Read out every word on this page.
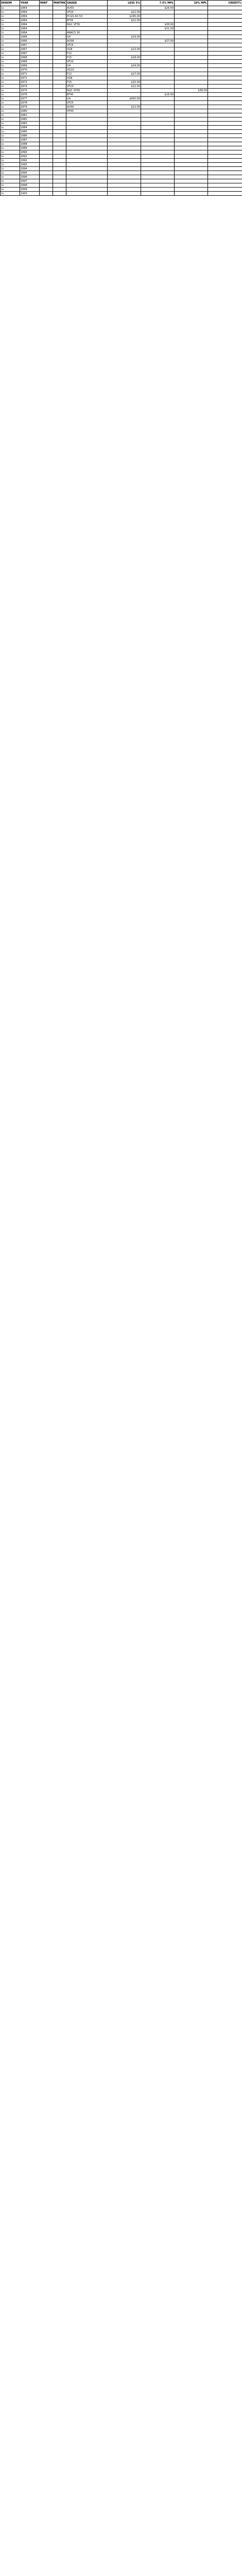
DENOM	YEAR	MINT	MINTMK	GRADE	LESS 5%	7.5% MPL	10% MPL	CREDIT%
1c	1864			AU55		$28.00		
1c	1864			VF20	$22.00			
1c	1864			PCGS AU 53	$195.00			
1c	1864			EF45	$22.00			
1c	1864			NGC VF35		$38.00		
1c	1864					$31.00		
1c	1864			ANACS 30				
1c	1866			G4	$14.00			
1c	1866			AU58		$37.00		
1c	1867			VF25				
1c	1867			VG8	$13.00			
1c	1867			F12				
1c	1868			F15	$18.00			
1c	1868			VF20				
1c	1869			G4	$24.00			
1c	1870			VG10				
1c	1871			F12	$17.00			
1c	1872			VG8				
1c	1873			F15	$15.00			
1c	1874			VF20	$12.00			
1c	1875			NGC XF45			$38.00	
1c	1876			EF40		$18.00		
1c	1877			G4	$450.00			
1c	1878			VF25				
1c	1879			AU50	$12.00			
1c	1880			XF40				
1c	1881							
1c	1882							
1c	1883							
1c	1884							
1c	1885							
1c	1886							
1c	1887							
1c	1888							
1c	1889							
1c	1890							
1c	1891							
1c	1892							
1c	1893							
1c	1894							
1c	1895							
1c	1896							
1c	1897							
1c	1898							
1c	1899							
1c	1900							
